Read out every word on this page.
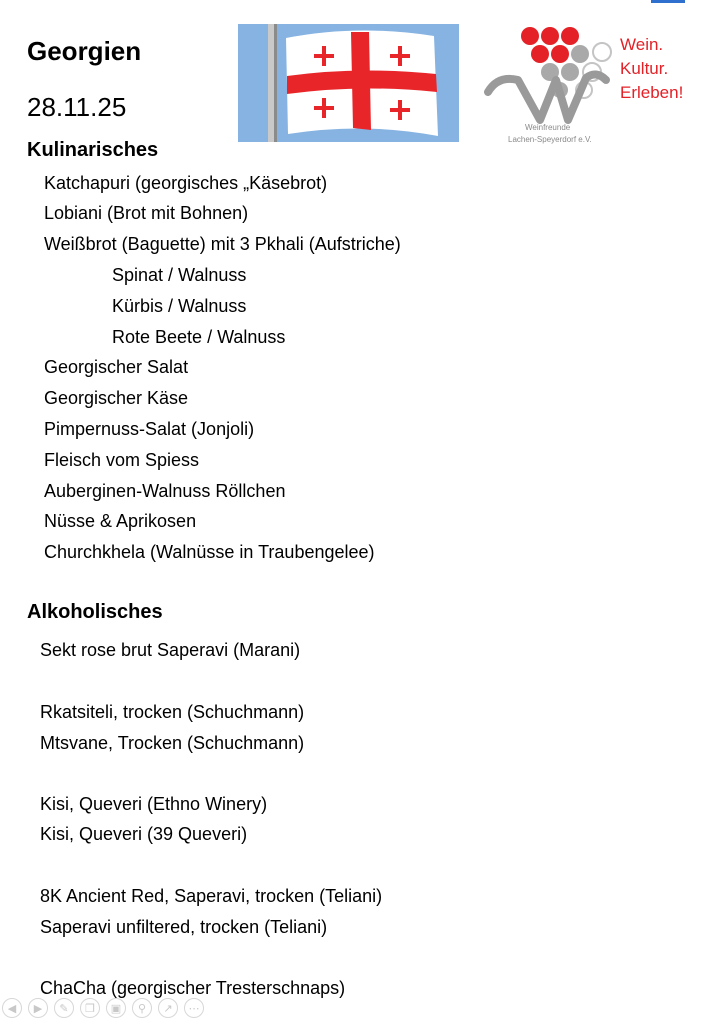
Georgien
28.11.25
Wein.
Kultur.
Erleben!
Weinfreunde
Lachen-Speyerdorf e.V.
Kulinarisches
Katchapuri (georgisches „Käsebrot)
Lobiani (Brot mit Bohnen)
Weißbrot (Baguette) mit 3 Pkhali (Aufstriche)
Spinat / Walnuss
Kürbis / Walnuss
Rote Beete / Walnuss
Georgischer Salat
Georgischer Käse
Pimpernuss-Salat (Jonjoli)
Fleisch vom Spiess
Auberginen-Walnuss Röllchen
Nüsse & Aprikosen
Churchkhela (Walnüsse in Traubengelee)
Alkoholisches
Sekt rose brut Saperavi (Marani)
Rkatsiteli, trocken (Schuchmann)
Mtsvane, Trocken (Schuchmann)
Kisi, Queveri (Ethno Winery)
Kisi, Queveri (39 Queveri)
8K Ancient Red, Saperavi, trocken (Teliani)
Saperavi unfiltered, trocken (Teliani)
ChaCha (georgischer Tresterschnaps)
◀	▶	✎	❐	▣	⚲	↗	⋯
